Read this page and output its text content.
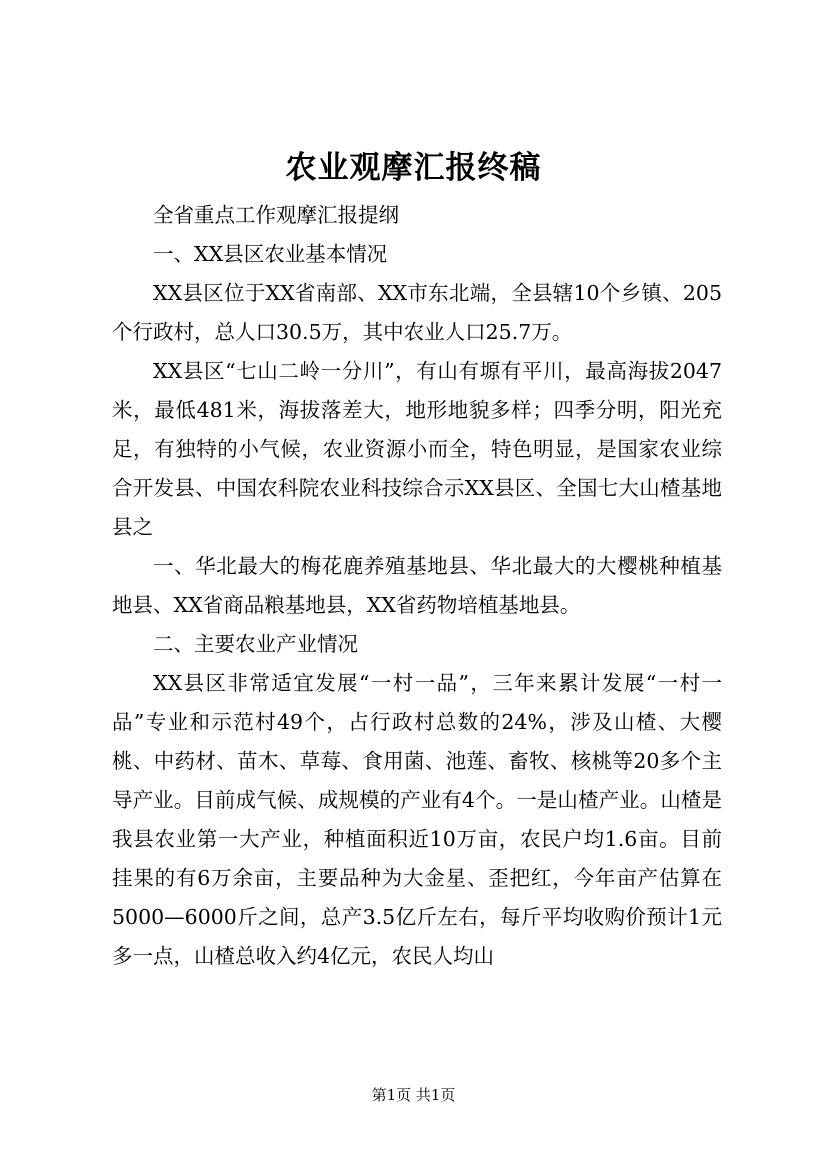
农业观摩汇报终稿

全省重点工作观摩汇报提纲

一、XX县区农业基本情况

XX县区位于XX省南部、XX市东北端，全县辖10个乡镇、205个行政村，总人口30.5万，其中农业人口25.7万。

XX县区“七山二岭一分川”，有山有塬有平川，最高海拔2047米，最低481米，海拔落差大，地形地貌多样；四季分明，阳光充足，有独特的小气候，农业资源小而全，特色明显，是国家农业综合开发县、中国农科院农业科技综合示XX县区、全国七大山楂基地县之

一、华北最大的梅花鹿养殖基地县、华北最大的大樱桃种植基地县、XX省商品粮基地县，XX省药物培植基地县。

二、主要农业产业情况

XX县区非常适宜发展“一村一品”，三年来累计发展“一村一品”专业和示范村49个，占行政村总数的24%，涉及山楂、大樱桃、中药材、苗木、草莓、食用菌、池莲、畜牧、核桃等20多个主导产业。目前成气候、成规模的产业有4个。一是山楂产业。山楂是我县农业第一大产业，种植面积近10万亩，农民户均1.6亩。目前挂果的有6万余亩，主要品种为大金星、歪把红，今年亩产估算在5000—6000斤之间，总产3.5亿斤左右，每斤平均收购价预计1元多一点，山楂总收入约4亿元，农民人均山

第1页 共1页
